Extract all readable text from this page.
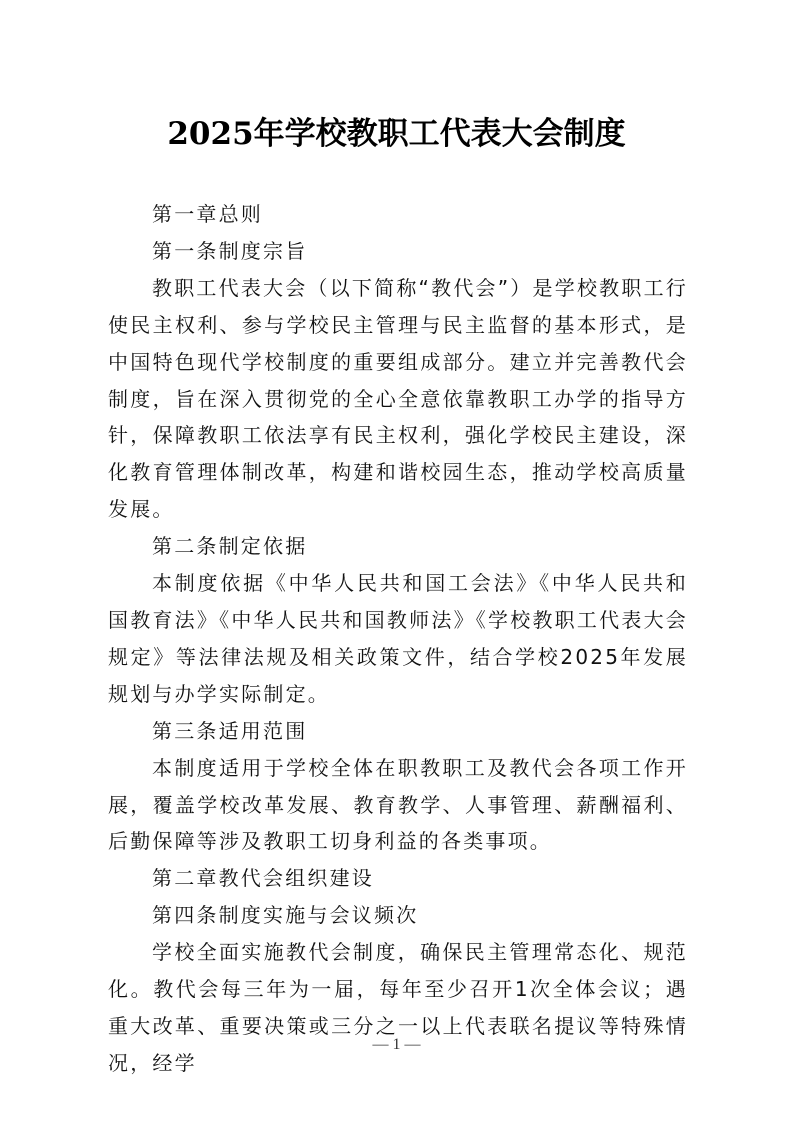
2025年学校教职工代表大会制度

第一章总则

第一条制度宗旨

教职工代表大会（以下简称“教代会”）是学校教职工行使民主权利、参与学校民主管理与民主监督的基本形式，是中国特色现代学校制度的重要组成部分。建立并完善教代会制度，旨在深入贯彻党的全心全意依靠教职工办学的指导方针，保障教职工依法享有民主权利，强化学校民主建设，深化教育管理体制改革，构建和谐校园生态，推动学校高质量发展。

第二条制定依据

本制度依据《中华人民共和国工会法》《中华人民共和国教育法》《中华人民共和国教师法》《学校教职工代表大会规定》等法律法规及相关政策文件，结合学校2025年发展规划与办学实际制定。

第三条适用范围

本制度适用于学校全体在职教职工及教代会各项工作开展，覆盖学校改革发展、教育教学、人事管理、薪酬福利、后勤保障等涉及教职工切身利益的各类事项。

第二章教代会组织建设

第四条制度实施与会议频次

学校全面实施教代会制度，确保民主管理常态化、规范化。教代会每三年为一届，每年至少召开1次全体会议；遇重大改革、重要决策或三分之一以上代表联名提议等特殊情况，经学

— 1 —
